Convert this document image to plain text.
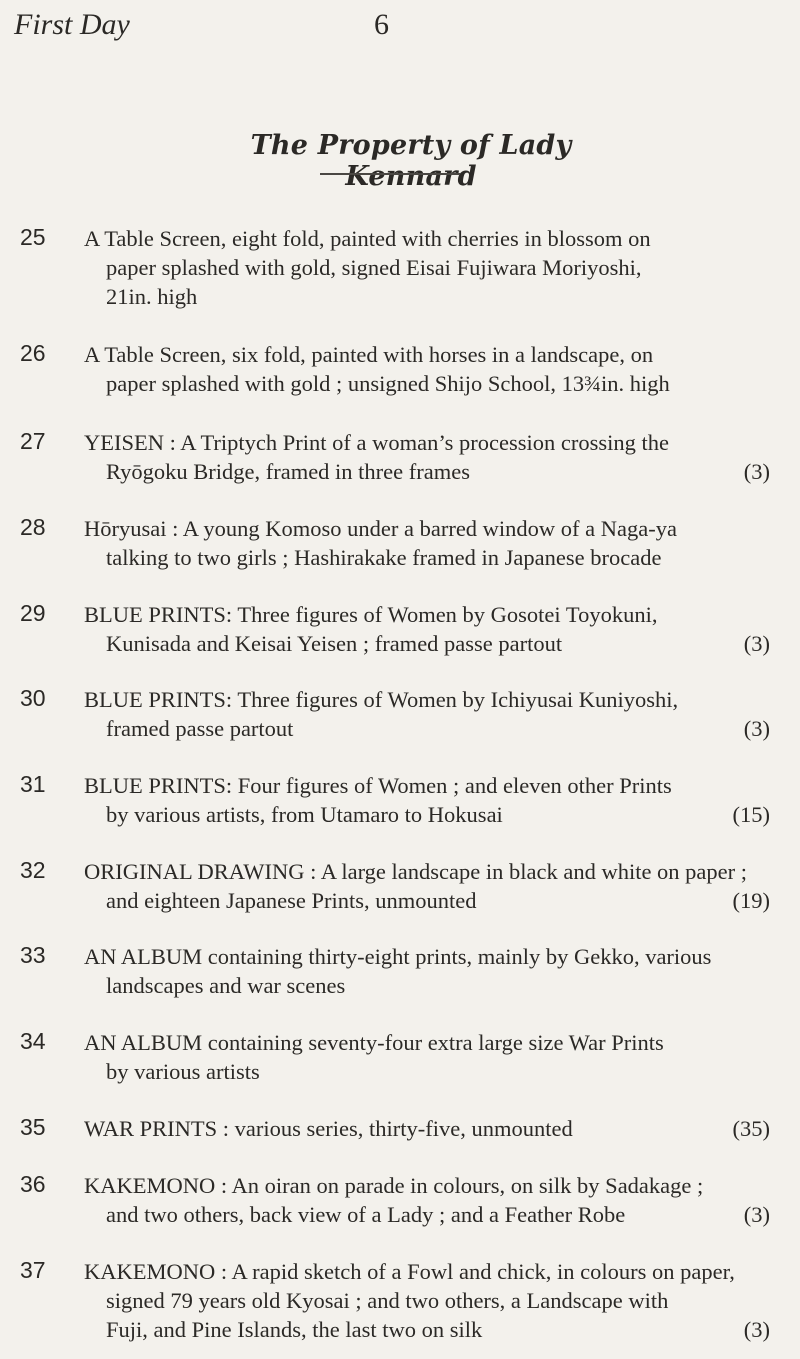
First Day	6
The Property of Lady Kennard
25 A Table Screen, eight fold, painted with cherries in blossom on
paper splashed with gold, signed Eisai Fujiwara Moriyoshi,
21in. high
26 A Table Screen, six fold, painted with horses in a landscape, on
paper splashed with gold ; unsigned Shijo School, 13¾in. high
27 YEISEN : A Triptych Print of a woman’s procession crossing the
(3)
Ryōgoku Bridge, framed in three frames
28 Hōryusai : A young Komoso under a barred window of a Naga-ya
talking to two girls ; Hashirakake framed in Japanese brocade
29 BLUE PRINTS: Three figures of Women by Gosotei Toyokuni,
(3)
Kunisada and Keisai Yeisen ; framed passe partout
30 BLUE PRINTS: Three figures of Women by Ichiyusai Kuniyoshi,
(3)
framed passe partout
31 BLUE PRINTS: Four figures of Women ; and eleven other Prints
(15)
by various artists, from Utamaro to Hokusai
32 ORIGINAL DRAWING : A large landscape in black and white on paper ;
(19)
and eighteen Japanese Prints, unmounted
33 AN ALBUM containing thirty-eight prints, mainly by Gekko, various
landscapes and war scenes
34 AN ALBUM containing seventy-four extra large size War Prints
by various artists
35	(35)
WAR PRINTS : various series, thirty-five, unmounted
36 KAKEMONO : An oiran on parade in colours, on silk by Sadakage ;
(3)
and two others, back view of a Lady ; and a Feather Robe
37 KAKEMONO : A rapid sketch of a Fowl and chick, in colours on paper,
signed 79 years old Kyosai ; and two others, a Landscape with
(3)
Fuji, and Pine Islands, the last two on silk
